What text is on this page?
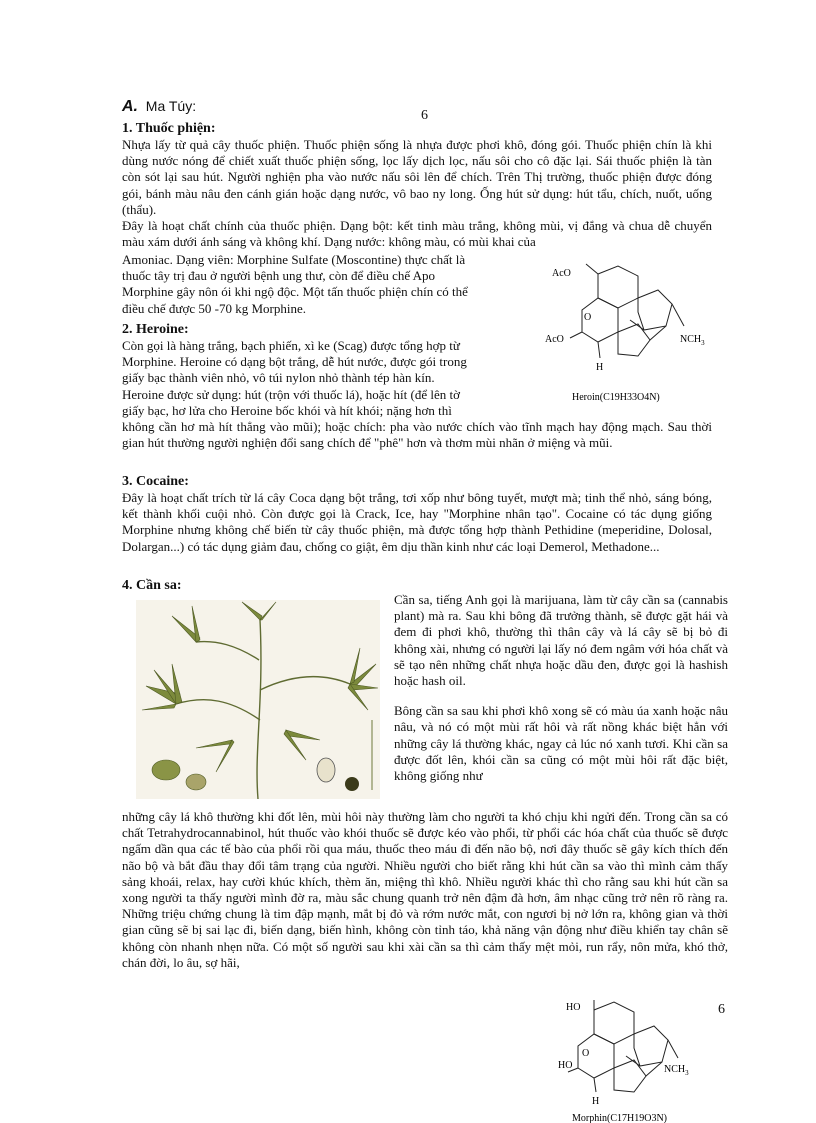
A. Ma Túy:
6
1. Thuốc phiện:

Nhựa lấy từ quả cây thuốc phiện. Thuốc phiện sống là nhựa được phơi khô, đóng gói. Thuốc phiện chín là khi dùng nước nóng để chiết xuất thuốc phiện sống, lọc lấy dịch lọc, nấu sôi cho cô đặc lại. Sái thuốc phiện là tàn còn sót lại sau hút. Người nghiện pha vào nước nấu sôi lên để chích. Trên Thị trường, thuốc phiện được đóng gói, bánh màu nâu đen cánh gián hoặc dạng nước, vô bao ny long. Ống hút sử dụng: hút tẩu, chích, nuốt, uống (thẩu).

Đây là hoạt chất chính của thuốc phiện. Dạng bột: kết tinh màu trắng, không mùi, vị đắng và chua dễ chuyển màu xám dưới ánh sáng và không khí. Dạng nước: không màu, có mùi khai của

Amoniac. Dạng viên: Morphine Sulfate (Moscontine) thực chất là

thuốc tây trị đau ở người bệnh ung thư, còn để điều chế Apo

Morphine gây nôn ói khi ngộ độc. Một tấn thuốc phiện chín có thể

điều chế được 50 -70 kg Morphine.

2. Heroine:

Còn gọi là hàng trắng, bạch phiến, xì ke (Scag) được tổng hợp từ

Morphine. Heroine có dạng bột trắng, dễ hút nước, được gói trong

giấy bạc thành viên nhỏ, vô túi nylon nhỏ thành tép hàn kín.

Heroine được sử dụng: hút (trộn với thuốc lá), hoặc hít (để lên tờ

giấy bạc, hơ lửa cho Heroine bốc khói và hít khói; nặng hơn thì

không cần hơ mà hít thẳng vào mũi); hoặc chích: pha vào nước chích vào tĩnh mạch hay động mạch. Sau thời gian hút thường người nghiện đổi sang chích để "phê" hơn và thơm mùi nhãn ở miệng và mũi.

AcO
O
AcO
H
$NCH_3$
Heroin(C19H33O4N)
3. Cocaine:

Đây là hoạt chất trích từ lá cây Coca dạng bột trắng, tơi xốp như bông tuyết, mượt mà; tinh thể nhỏ, sáng bóng, kết thành khối cuội nhỏ. Còn được gọi là Crack, Ice, hay "Morphine nhân tạo". Cocaine có tác dụng giống Morphine nhưng không chế biến từ cây thuốc phiện, mà được tổng hợp thành Pethidine (meperidine, Dolosal, Dolargan...) có tác dụng giảm đau, chống co giật, êm dịu thần kinh như các loại Demerol, Methadone...

4. Cần sa:

Cần sa, tiếng Anh gọi là marijuana, làm từ cây cần sa (cannabis plant) mà ra. Sau khi bông đã trưởng thành, sẽ được gặt hái và đem đi phơi khô, thường thì thân cây và lá cây sẽ bị bỏ đi không xài, nhưng có người lại lấy nó đem ngâm với hóa chất và sẽ tạo nên những chất nhựa hoặc dầu đen, được gọi là hashish hoặc hash oil.

Bông cần sa sau khi phơi khô xong sẽ có màu úa xanh hoặc nâu nâu, và nó có một mùi rất hôi và rất nồng khác biệt hẳn với những cây lá thường khác, ngay cả lúc nó xanh tươi. Khi cần sa được đốt lên, khói cần sa cũng có một mùi hôi rất đặc biệt, không giống như

những cây lá khô thường khi đốt lên, mùi hôi này thường làm cho người ta khó chịu khi ngửi đến. Trong cần sa có chất Tetrahydrocannabinol, hút thuốc vào khói thuốc sẽ được kéo vào phổi, từ phổi các hóa chất của thuốc sẽ được ngấm dần qua các tế bào của phổi rồi qua máu, thuốc theo máu đi đến não bộ, nơi đây thuốc sẽ gây kích thích đến não bộ và bắt đầu thay đổi tâm trạng của người. Nhiều người cho biết rằng khi hút cần sa vào thì mình cảm thấy sảng khoái, relax, hay cười khúc khích, thèm ăn, miệng thì khô. Nhiều người khác thì cho rằng sau khi hút cần sa xong người ta thấy người mình đờ ra, màu sắc chung quanh trở nên đậm đà hơn, âm nhạc cũng trở nên rõ ràng ra. Những triệu chứng chung là tim đập mạnh, mắt bị đỏ và rớm nước mắt, con ngươi bị nở lớn ra, không gian và thời gian cũng sẽ bị sai lạc đi, biến dạng, biến hình, không còn tỉnh táo, khả năng vận động như điều khiển tay chân sẽ không còn nhanh nhẹn nữa. Có một số người sau khi xài cần sa thì cảm thấy mệt mỏi, run rẩy, nôn mửa, khó thở, chán đời, lo âu, sợ hãi,

HO
O
HO
H
$NCH_3$
Morphin(C17H19O3N)
6
